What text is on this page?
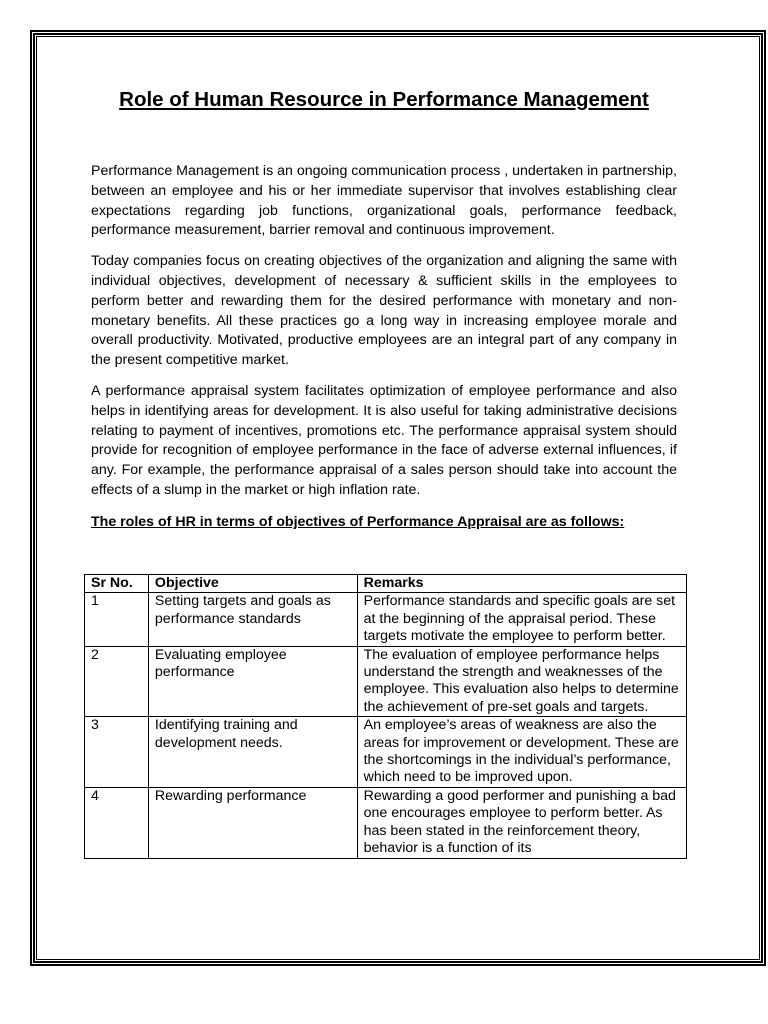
Role of Human Resource in Performance Management

Performance Management is an ongoing communication process , undertaken in partnership, between an employee and his or her immediate supervisor that involves establishing clear expectations regarding job functions, organizational goals, performance feedback, performance measurement, barrier removal and continuous improvement.

Today companies focus on creating objectives of the organization and aligning the same with individual objectives, development of necessary & sufficient skills in the employees to perform better and rewarding them for the desired performance with monetary and non-monetary benefits. All these practices go a long way in increasing employee morale and overall productivity. Motivated, productive employees are an integral part of any company in the present competitive market.

A performance appraisal system facilitates optimization of employee performance and also helps in identifying areas for development. It is also useful for taking administrative decisions relating to payment of incentives, promotions etc. The performance appraisal system should provide for recognition of employee performance in the face of adverse external influences, if any. For example, the performance appraisal of a sales person should take into account the effects of a slump in the market or high inflation rate.

The roles of HR in terms of objectives of Performance Appraisal are as follows:
Sr No.	Objective	Remarks
1	Setting targets and goals as performance standards	Performance standards and specific goals are set at the beginning of the appraisal period. These targets motivate the employee to perform better.
2	Evaluating employee performance	The evaluation of employee performance helps understand the strength and weaknesses of the employee. This evaluation also helps to determine the achievement of pre-set goals and targets.
3	Identifying training and development needs.	An employee’s areas of weakness are also the areas for improvement or development. These are the shortcomings in the individual’s performance, which need to be improved upon.
4	Rewarding performance	Rewarding a good performer and punishing a bad one encourages employee to perform better. As has been stated in the reinforcement theory, behavior is a function of its
